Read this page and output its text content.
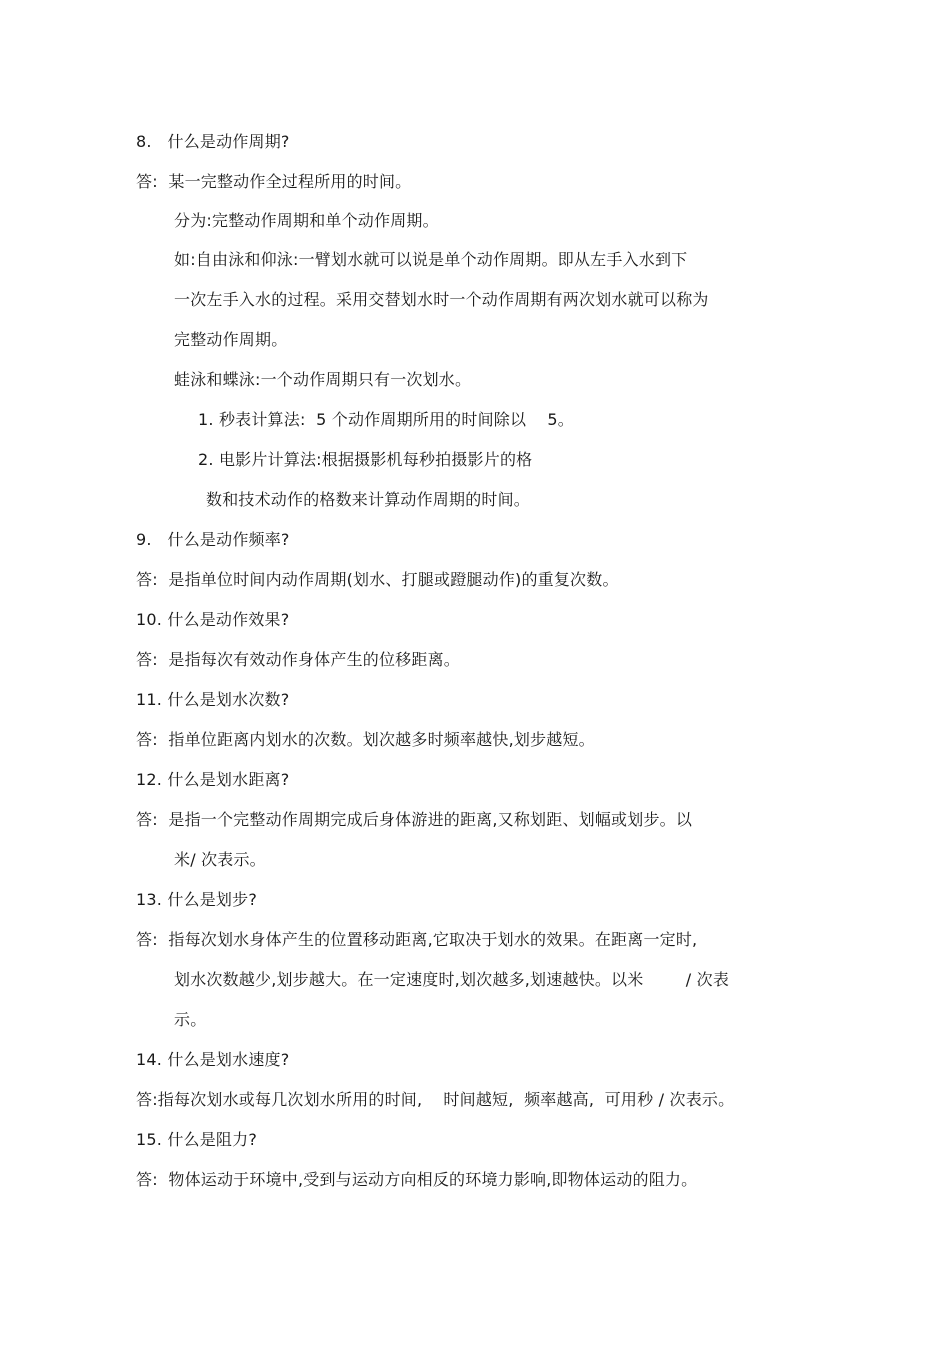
8.   什么是动作周期?
答:  某一完整动作全过程所用的时间。
分为:完整动作周期和单个动作周期。
如:自由泳和仰泳:一臂划水就可以说是单个动作周期。即从左手入水到下
一次左手入水的过程。采用交替划水时一个动作周期有两次划水就可以称为
完整动作周期。
蛙泳和蝶泳:一个动作周期只有一次划水。
1. 秒表计算法:  5 个动作周期所用的时间除以    5。
2. 电影片计算法:根据摄影机每秒拍摄影片的格
数和技术动作的格数来计算动作周期的时间。
9.   什么是动作频率?
答:  是指单位时间内动作周期(划水、打腿或蹬腿动作)的重复次数。
10. 什么是动作效果?
答:  是指每次有效动作身体产生的位移距离。
11. 什么是划水次数?
答:  指单位距离内划水的次数。划次越多时频率越快,划步越短。
12. 什么是划水距离?
答:  是指一个完整动作周期完成后身体游进的距离,又称划距、划幅或划步。以
米/ 次表示。
13. 什么是划步?
答:  指每次划水身体产生的位置移动距离,它取决于划水的效果。在距离一定时,
划水次数越少,划步越大。在一定速度时,划次越多,划速越快。以米        / 次表
示。
14. 什么是划水速度?
答:指每次划水或每几次划水所用的时间,    时间越短,  频率越高,  可用秒 / 次表示。
15. 什么是阻力?
答:  物体运动于环境中,受到与运动方向相反的环境力影响,即物体运动的阻力。
